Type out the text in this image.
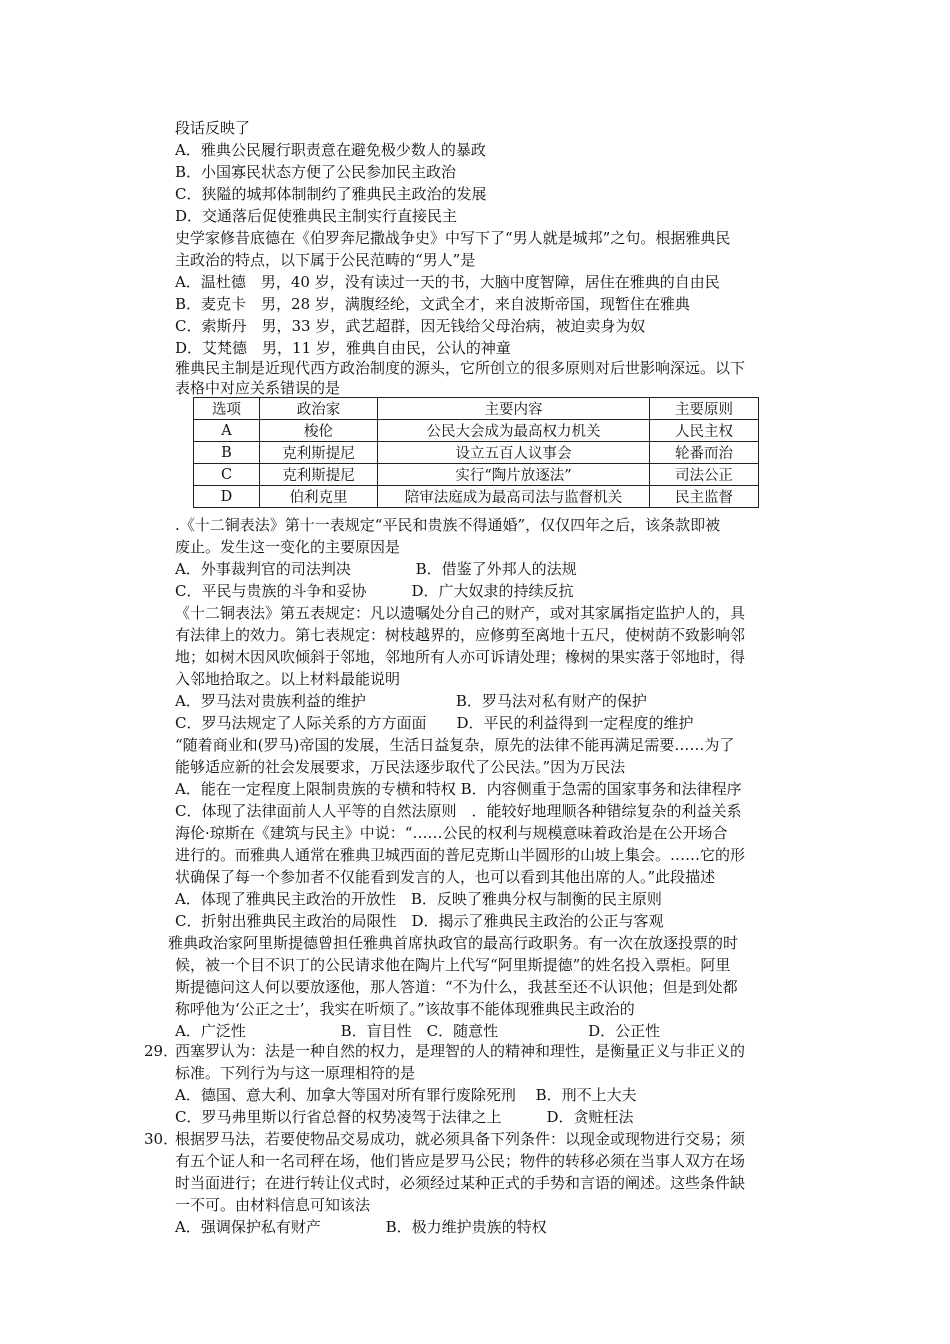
段话反映了
A．雅典公民履行职责意在避免极少数人的暴政
B．小国寡民状态方便了公民参加民主政治
C．狭隘的城邦体制制约了雅典民主政治的发展
D．交通落后促使雅典民主制实行直接民主
史学家修昔底德在《伯罗奔尼撒战争史》中写下了“男人就是城邦”之句。根据雅典民
主政治的特点，以下属于公民范畴的“男人”是
A．温杜德　男，40 岁，没有读过一天的书，大脑中度智障，居住在雅典的自由民
B．麦克卡　男，28 岁，满腹经纶，文武全才，来自波斯帝国，现暂住在雅典
C．索斯丹　男，33 岁，武艺超群，因无钱给父母治病，被迫卖身为奴
D．艾梵德　男，11 岁，雅典自由民，公认的神童
雅典民主制是近现代西方政治制度的源头，它所创立的很多原则对后世影响深远。以下
表格中对应关系错误的是
.《十二铜表法》第十一表规定“平民和贵族不得通婚”，仅仅四年之后，该条款即被
废止。发生这一变化的主要原因是
A．外事裁判官的司法判决　　　　 B．借鉴了外邦人的法规
C．平民与贵族的斗争和妥协　　　D．广大奴隶的持续反抗
《十二铜表法》第五表规定：凡以遗嘱处分自己的财产，或对其家属指定监护人的，具
有法律上的效力。第七表规定：树枝越界的，应修剪至离地十五尺，使树荫不致影响邻
地；如树木因风吹倾斜于邻地，邻地所有人亦可诉请处理；橡树的果实落于邻地时，得
入邻地拾取之。以上材料最能说明
A．罗马法对贵族利益的维护　　　　　　B．罗马法对私有财产的保护
C．罗马法规定了人际关系的方方面面　　D．平民的利益得到一定程度的维护
“随着商业和(罗马)帝国的发展，生活日益复杂，原先的法律不能再满足需要……为了
能够适应新的社会发展要求，万民法逐步取代了公民法。”因为万民法
A．能在一定程度上限制贵族的专横和特权 B．内容侧重于急需的国家事务和法律程序
C．体现了法律面前人人平等的自然法原则　．能较好地理顺各种错综复杂的利益关系
海伦·琼斯在《建筑与民主》中说：“……公民的权利与规模意味着政治是在公开场合
进行的。而雅典人通常在雅典卫城西面的普尼克斯山半圆形的山坡上集会。……它的形
状确保了每一个参加者不仅能看到发言的人，也可以看到其他出席的人。”此段描述
A．体现了雅典民主政治的开放性　B．反映了雅典分权与制衡的民主原则
C．折射出雅典民主政治的局限性　D．揭示了雅典民主政治的公正与客观
雅典政治家阿里斯提德曾担任雅典首席执政官的最高行政职务。有一次在放逐投票的时
候，被一个目不识丁的公民请求他在陶片上代写“阿里斯提德”的姓名投入票柜。阿里
斯提德问这人何以要放逐他，那人答道：“不为什么，我甚至还不认识他；但是到处都
称呼他为‘公正之士’，我实在听烦了。”该故事不能体现雅典民主政治的
A．广泛性　　　　　　 B．盲目性　C．随意性　　　　　　D．公正性
西塞罗认为：法是一种自然的权力，是理智的人的精神和理性，是衡量正义与非正义的
标准。下列行为与这一原理相符的是
A．德国、意大利、加拿大等国对所有罪行废除死刑　 B．刑不上大夫
C．罗马弗里斯以行省总督的权势凌驾于法律之上　　　D．贪赃枉法
根据罗马法，若要使物品交易成功，就必须具备下列条件：以现金或现物进行交易；须
有五个证人和一名司秤在场，他们皆应是罗马公民；物件的转移必须在当事人双方在场
时当面进行；在进行转让仪式时，必须经过某种正式的手势和言语的阐述。这些条件缺
一不可。由材料信息可知该法
A．强调保护私有财产　　　　 B．极力维护贵族的特权
29．
30．
选项	政治家	主要内容	主要原则
A	梭伦	公民大会成为最高权力机关	人民主权
B	克利斯提尼	设立五百人议事会	轮番而治
C	克利斯提尼	实行“陶片放逐法”	司法公正
D	伯利克里	陪审法庭成为最高司法与监督机关	民主监督
